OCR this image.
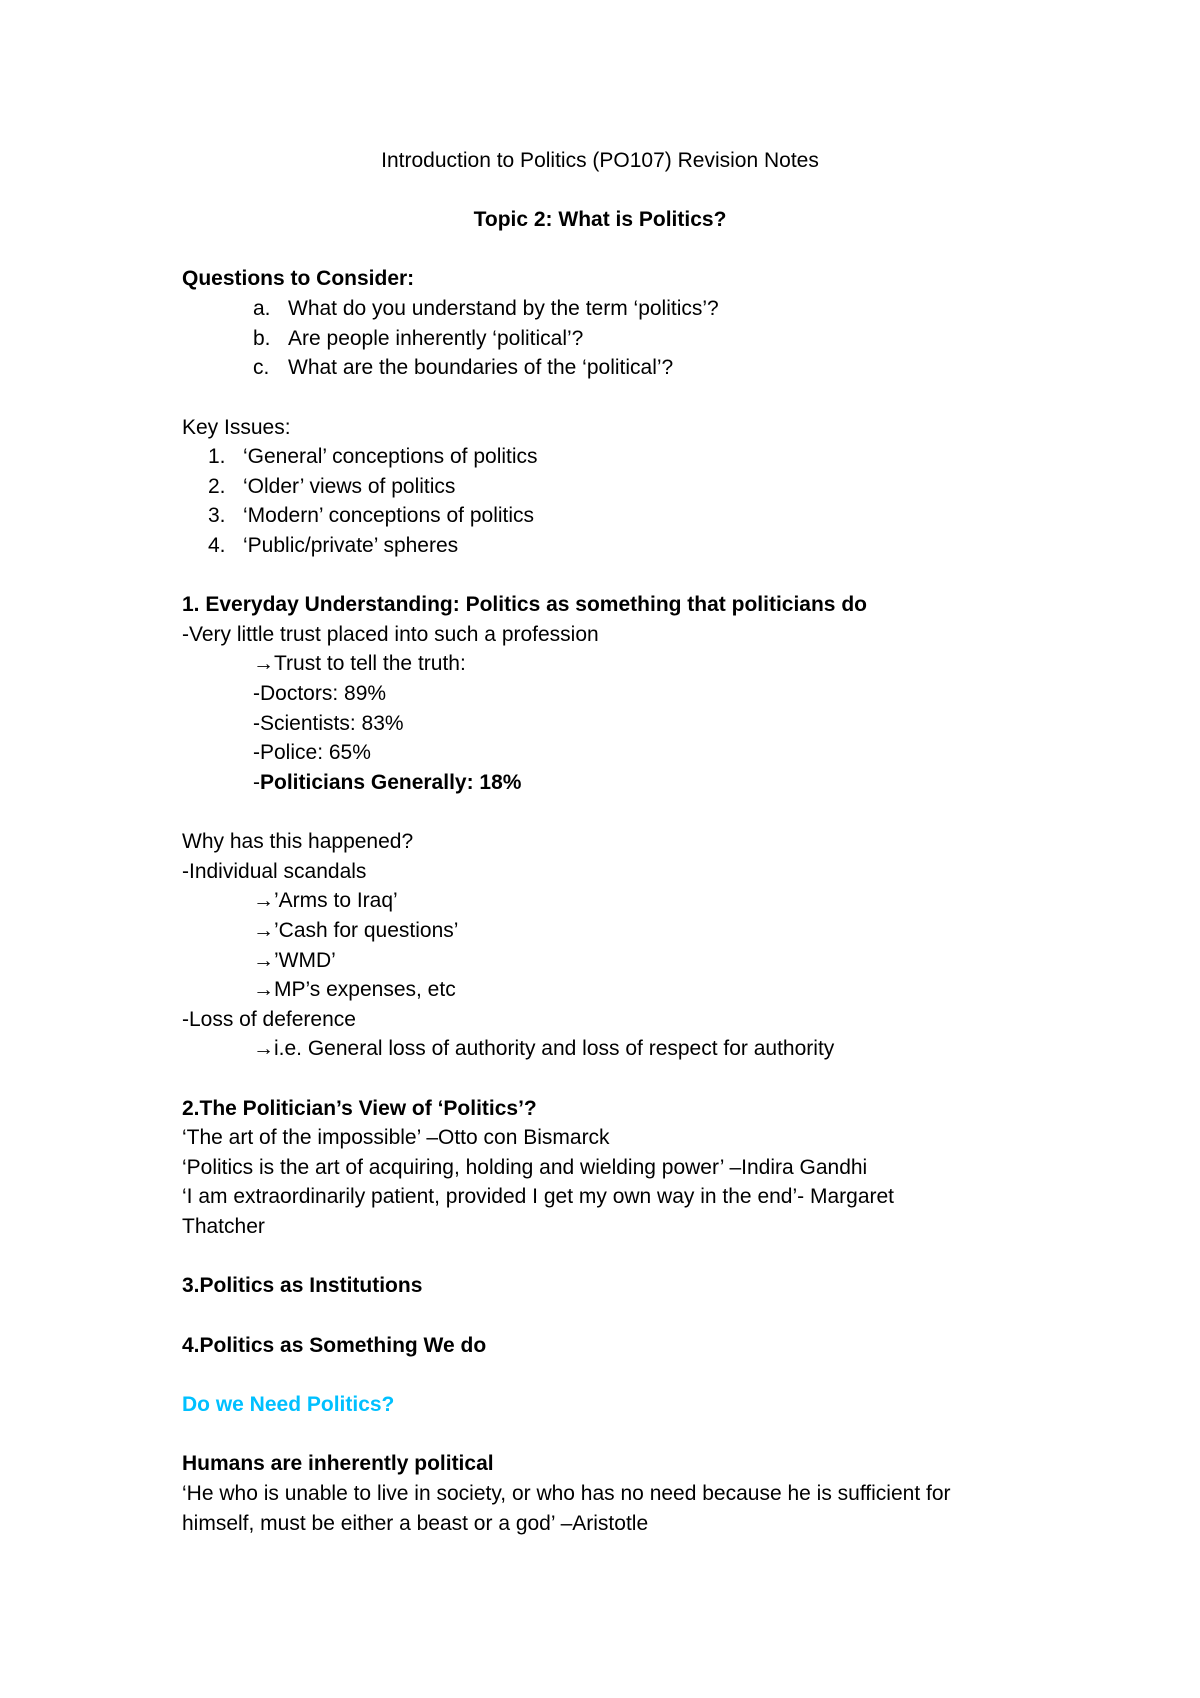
Introduction to Politics (PO107) Revision Notes
Topic 2: What is Politics?
Questions to Consider:
a. What do you understand by the term ‘politics’?
b. Are people inherently ‘political’?
c. What are the boundaries of the ‘political’?
Key Issues:
1. ‘General’ conceptions of politics
2. ‘Older’ views of politics
3. ‘Modern’ conceptions of politics
4. ‘Public/private’ spheres
1. Everyday Understanding: Politics as something that politicians do
-Very little trust placed into such a profession
→Trust to tell the truth:
-Doctors: 89%
-Scientists: 83%
-Police: 65%
-Politicians Generally: 18%
Why has this happened?
-Individual scandals
→’Arms to Iraq’
→’Cash for questions’
→’WMD’
→MP’s expenses, etc
-Loss of deference
→i.e. General loss of authority and loss of respect for authority
2.The Politician’s View of ‘Politics’?
‘The art of the impossible’ –Otto con Bismarck
‘Politics is the art of acquiring, holding and wielding power’ –Indira Gandhi
‘I am extraordinarily patient, provided I get my own way in the end’- Margaret
Thatcher
3.Politics as Institutions
4.Politics as Something We do
Do we Need Politics?
Humans are inherently political
‘He who is unable to live in society, or who has no need because he is sufficient for
himself, must be either a beast or a god’ –Aristotle
